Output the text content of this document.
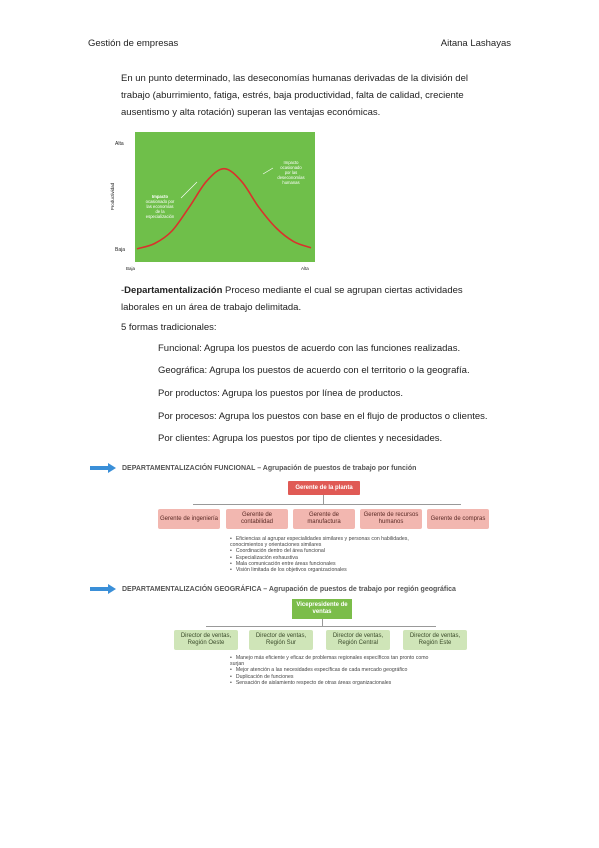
Gestión de empresas	Aitana Lashayas
En un punto determinado, las deseconomías humanas derivadas de la división del
trabajo (aburrimiento, fatiga, estrés, baja productividad, falta de calidad, creciente
ausentismo y alta rotación) superan las ventajas económicas.
Alta
Baja
Productividad
Baja	Alta
Impacto
ocasionado por
las economías
de la
especialización
Impacto
ocasionado
por las
deseconomías
humanas
-Departamentalización Proceso mediante el cual se agrupan ciertas actividades
laborales en un área de trabajo delimitada.
5 formas tradicionales:
Funcional: Agrupa los puestos de acuerdo con las funciones realizadas.
Geográfica: Agrupa los puestos de acuerdo con el territorio o la geografía.
Por productos: Agrupa los puestos por línea de productos.
Por procesos: Agrupa los puestos con base en el flujo de productos o clientes.
Por clientes: Agrupa los puestos por tipo de clientes y necesidades.
DEPARTAMENTALIZACIÓN FUNCIONAL – Agrupación de puestos de trabajo por función
Gerente de la planta
Gerente de ingeniería
Gerente de contabilidad
Gerente de manufactura
Gerente de recursos humanos
Gerente de compras
• Eficiencias al agrupar especialidades similares y personas con habilidades, conocimientos y orientaciones similares
• Coordinación dentro del área funcional
• Especialización exhaustiva
• Mala comunicación entre áreas funcionales
• Visión limitada de los objetivos organizacionales
DEPARTAMENTALIZACIÓN GEOGRÁFICA – Agrupación de puestos de trabajo por región geográfica
Vicepresidente de ventas
Director de ventas, Región Oeste
Director de ventas, Región Sur
Director de ventas, Región Central
Director de ventas, Región Este
• Manejo más eficiente y eficaz de problemas regionales específicos tan pronto como surjan
• Mejor atención a las necesidades específicas de cada mercado geográfico
• Duplicación de funciones
• Sensación de aislamiento respecto de otras áreas organizacionales
